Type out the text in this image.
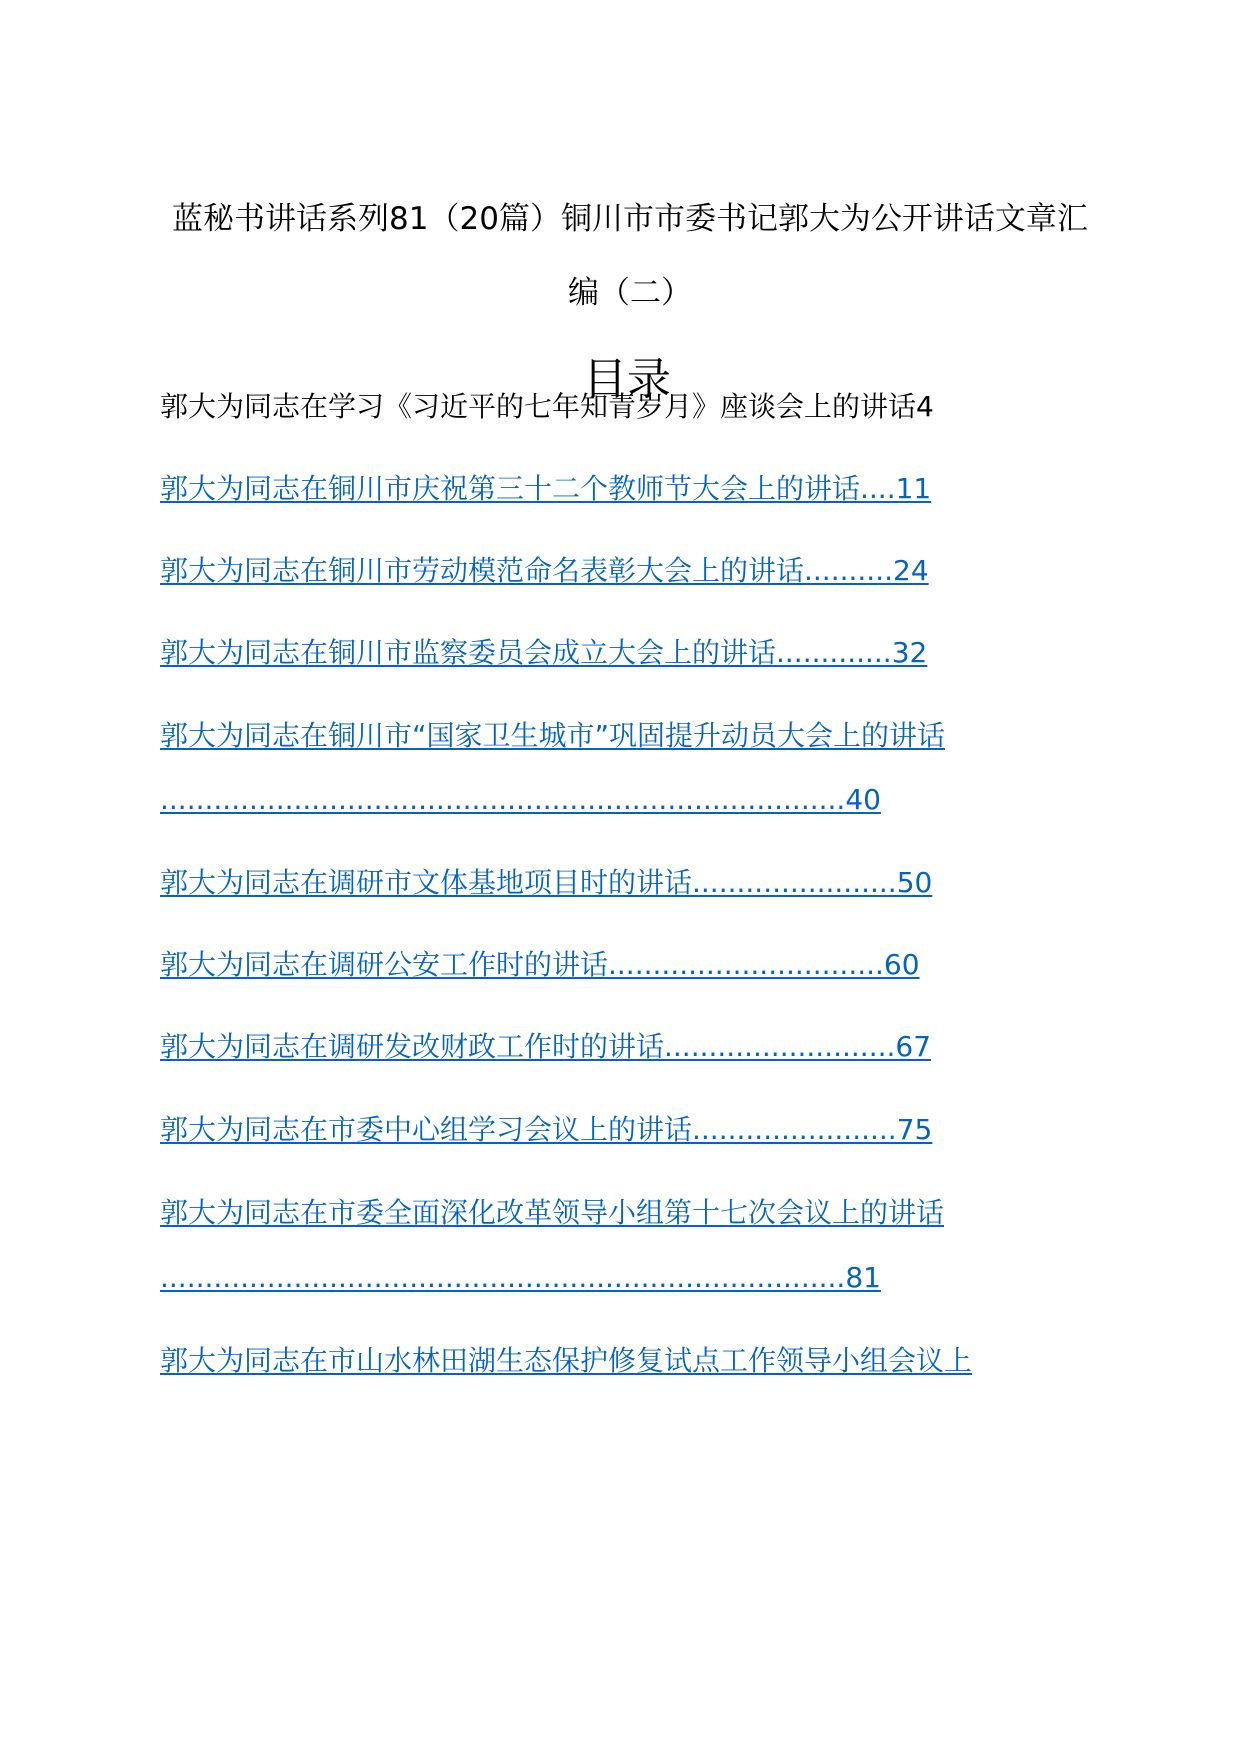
蓝秘书讲话系列81（20篇）铜川市市委书记郭大为公开讲话文章汇编（二）
目录
郭大为同志在学习《习近平的七年知青岁月》座谈会上的讲话4
郭大为同志在铜川市庆祝第三十二个教师节大会上的讲话....11
郭大为同志在铜川市劳动模范命名表彰大会上的讲话..........24
郭大为同志在铜川市监察委员会成立大会上的讲话.............32
郭大为同志在铜川市“国家卫生城市”巩固提升动员大会上的讲话
.............................................................................40
郭大为同志在调研市文体基地项目时的讲话.......................50
郭大为同志在调研公安工作时的讲话...............................60
郭大为同志在调研发改财政工作时的讲话..........................67
郭大为同志在市委中心组学习会议上的讲话.......................75
郭大为同志在市委全面深化改革领导小组第十七次会议上的讲话
.............................................................................81
郭大为同志在市山水林田湖生态保护修复试点工作领导小组会议上
